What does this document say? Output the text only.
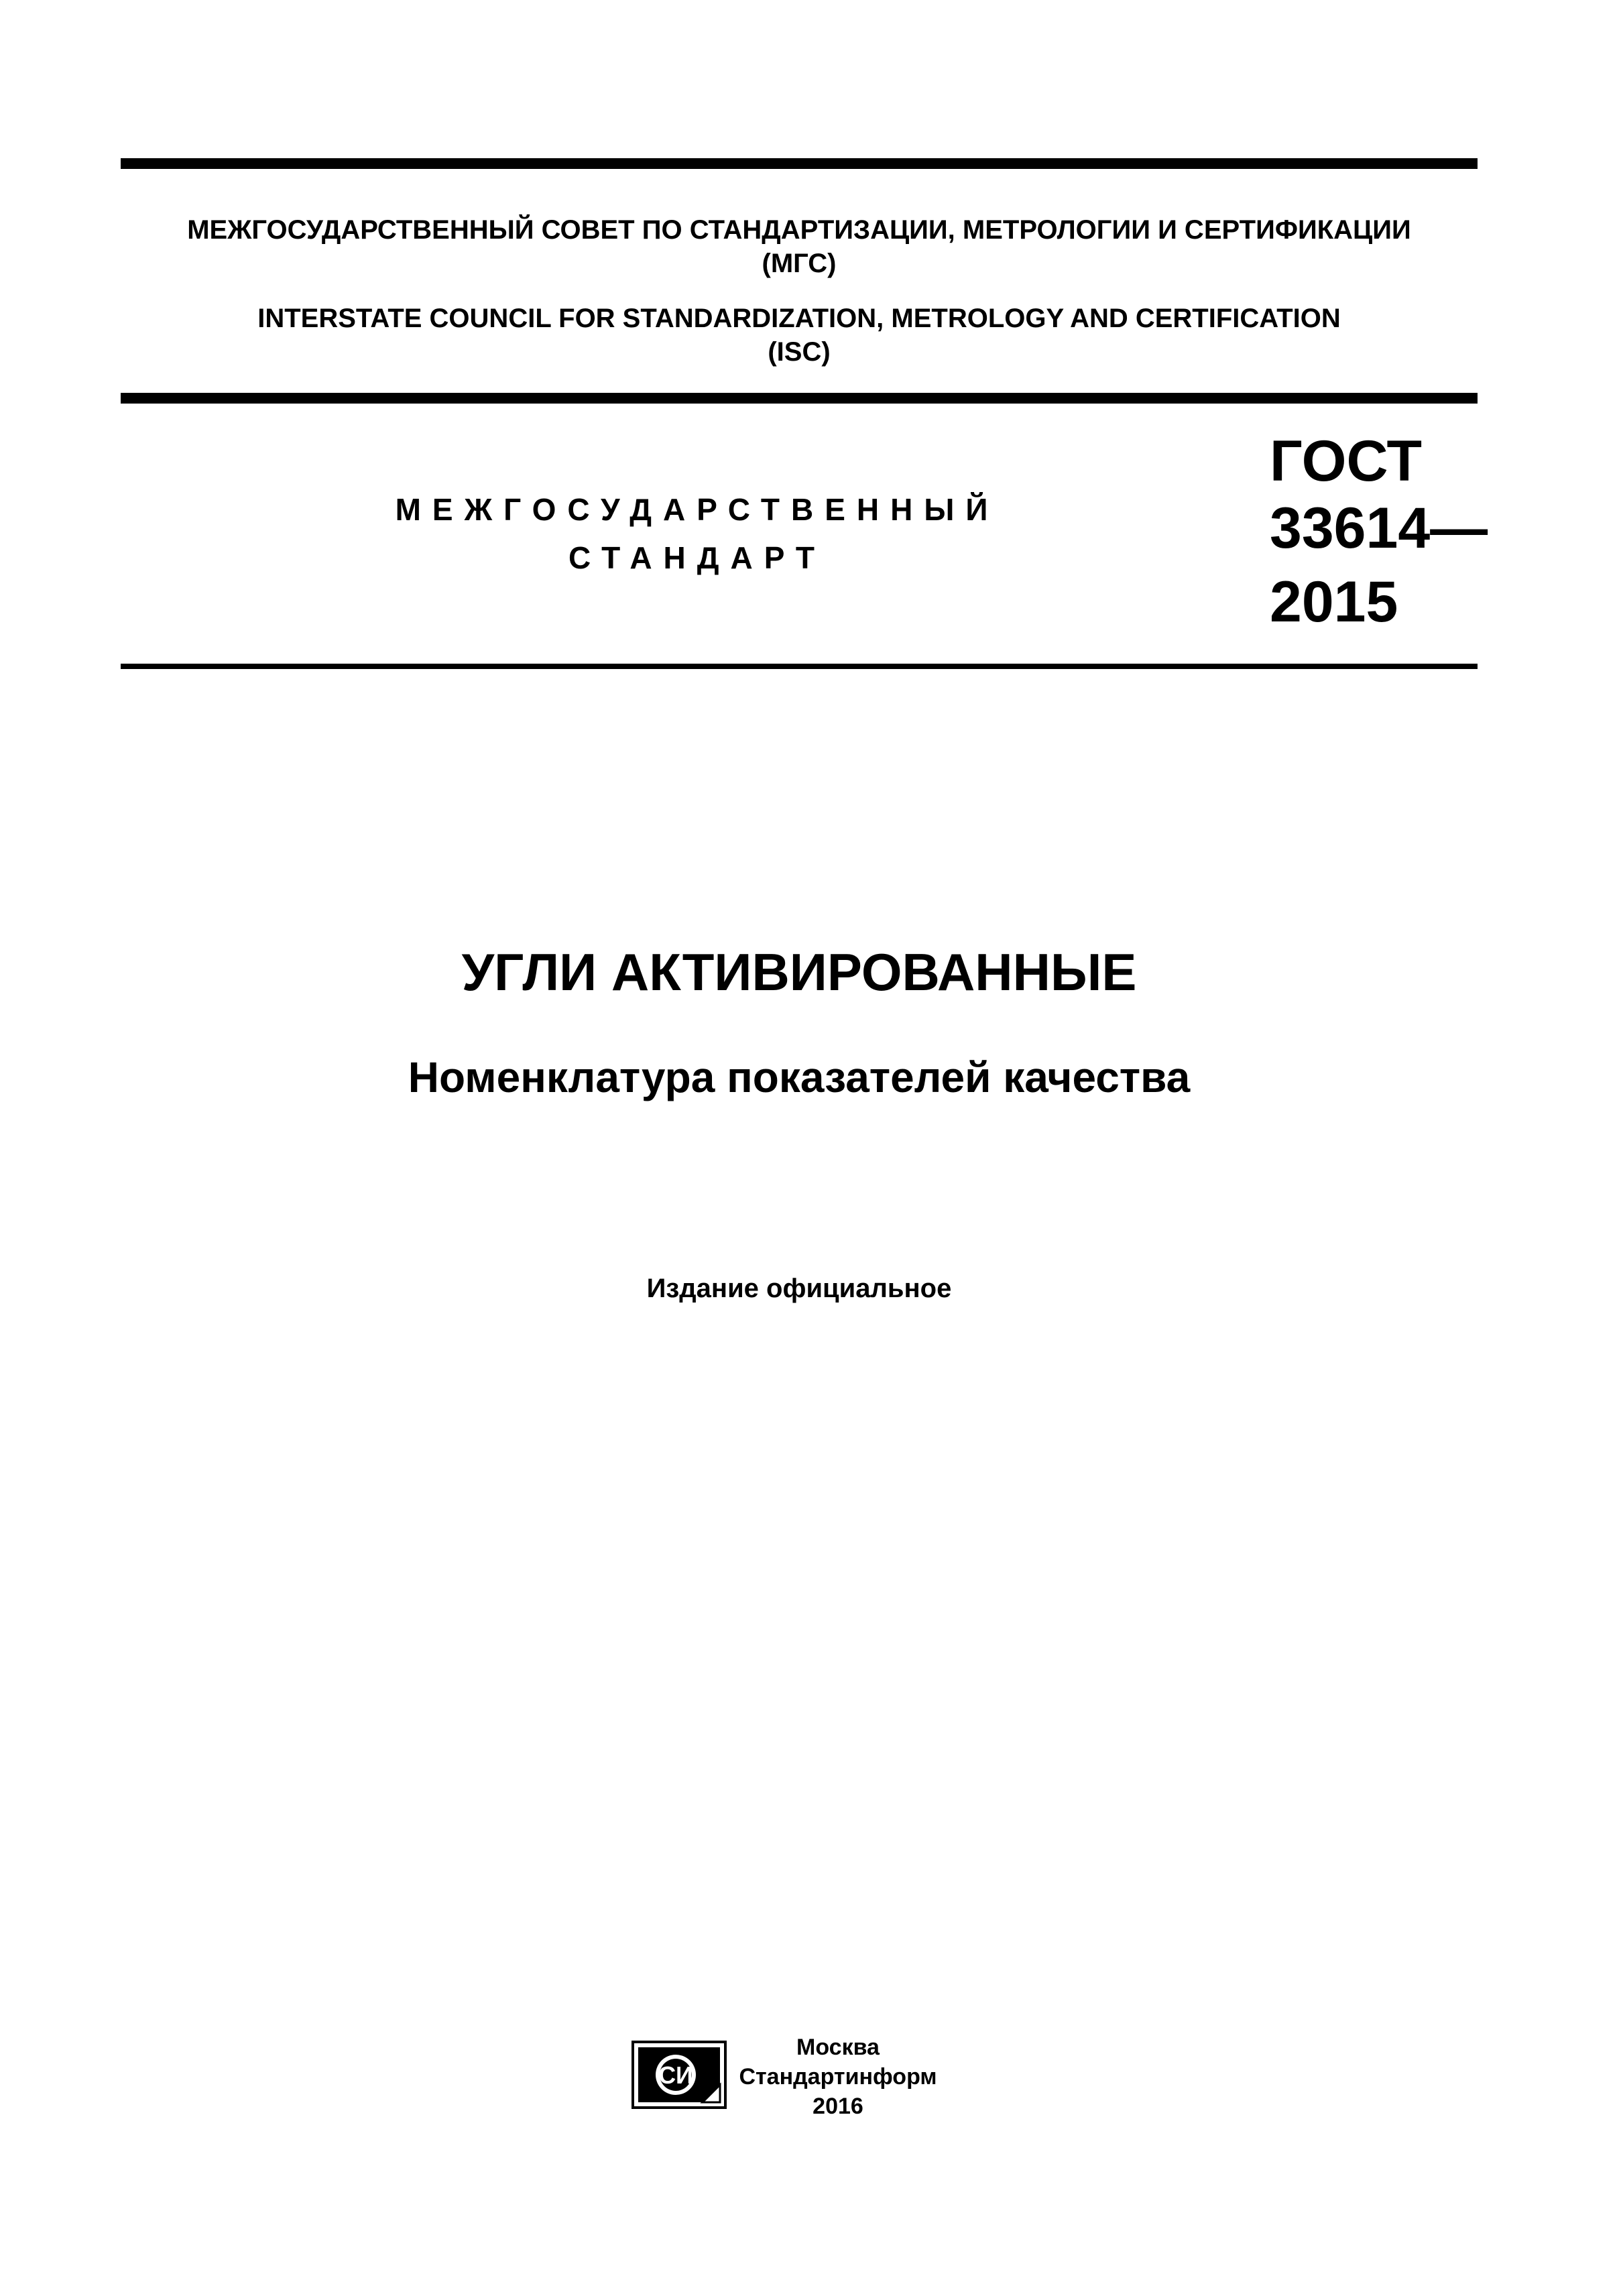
МЕЖГОСУДАРСТВЕННЫЙ СОВЕТ ПО СТАНДАРТИЗАЦИИ, МЕТРОЛОГИИ И СЕРТИФИКАЦИИ
(МГС)
INTERSTATE COUNCIL FOR STANDARDIZATION, METROLOGY AND CERTIFICATION
(ISC)
МЕЖГОСУДАРСТВЕННЫЙ
СТАНДАРТ
ГОСТ
33614—
2015
УГЛИ АКТИВИРОВАННЫЕ
Номенклатура показателей качества
Издание официальное
СИ
Москва
Стандартинформ
2016
